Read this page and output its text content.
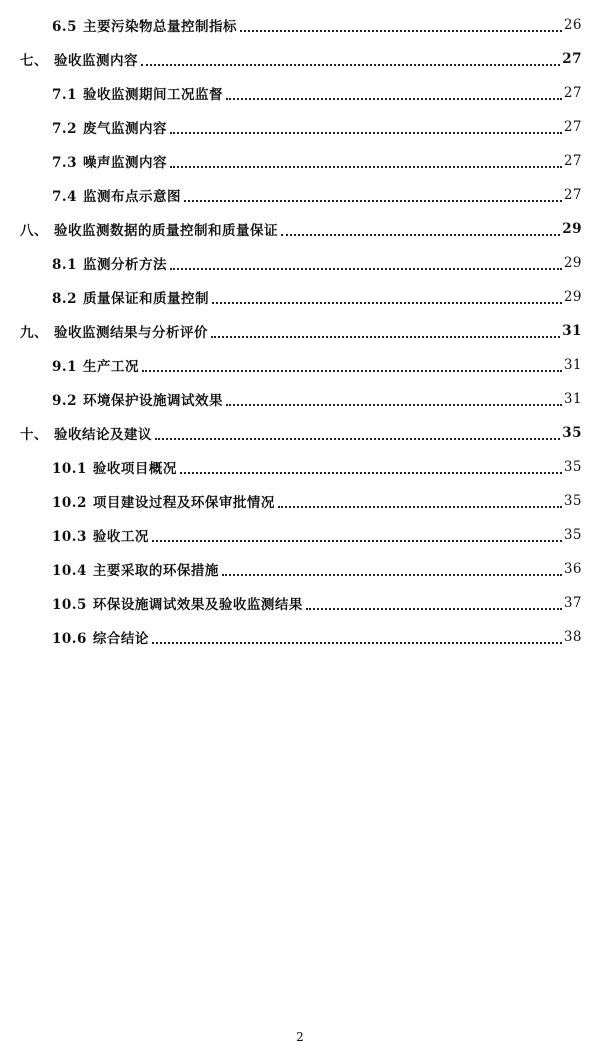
6.5 主要污染物总量控制指标	26
七、 验收监测内容	27
7.1 验收监测期间工况监督	27
7.2 废气监测内容	27
7.3 噪声监测内容	27
7.4 监测布点示意图	27
八、 验收监测数据的质量控制和质量保证	29
8.1 监测分析方法	29
8.2 质量保证和质量控制	29
九、 验收监测结果与分析评价	31
9.1 生产工况	31
9.2 环境保护设施调试效果	31
十、 验收结论及建议	35
10.1 验收项目概况	35
10.2 项目建设过程及环保审批情况	35
10.3 验收工况	35
10.4 主要采取的环保措施	36
10.5 环保设施调试效果及验收监测结果	37
10.6 综合结论	38
2
